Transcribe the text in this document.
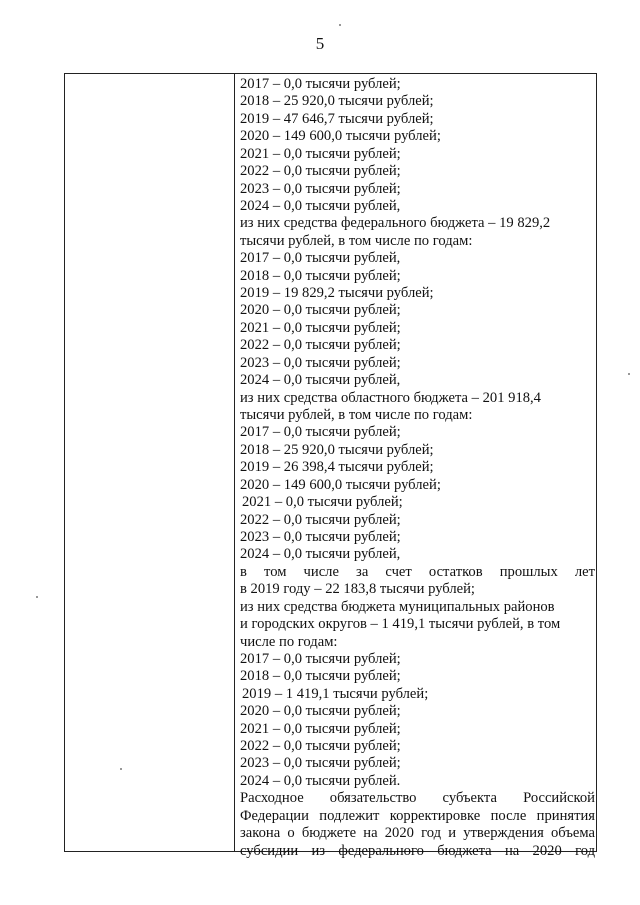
5
2017 – 0,0 тысячи рублей;
2018 – 25 920,0 тысячи рублей;
2019 – 47 646,7 тысячи рублей;
2020 – 149 600,0 тысячи рублей;
2021 – 0,0 тысячи рублей;
2022 – 0,0 тысячи рублей;
2023 – 0,0 тысячи рублей;
2024 – 0,0 тысячи рублей,
из них средства федерального бюджета – 19 829,2
тысячи рублей, в том числе по годам:
2017 – 0,0 тысячи рублей,
2018 – 0,0 тысячи рублей;
2019 – 19 829,2 тысячи рублей;
2020 – 0,0 тысячи рублей;
2021 – 0,0 тысячи рублей;
2022 – 0,0 тысячи рублей;
2023 – 0,0 тысячи рублей;
2024 – 0,0 тысячи рублей,
из них средства областного бюджета – 201 918,4
тысячи рублей, в том числе по годам:
2017 – 0,0 тысячи рублей;
2018 – 25 920,0 тысячи рублей;
2019 – 26 398,4 тысячи рублей;
2020 – 149 600,0 тысячи рублей;
2021 – 0,0 тысячи рублей;
2022 – 0,0 тысячи рублей;
2023 – 0,0 тысячи рублей;
2024 – 0,0 тысячи рублей,
в том числе за счет остатков прошлых лет
в 2019 году – 22 183,8 тысячи рублей;
из них средства бюджета муниципальных районов
и городских округов – 1 419,1 тысячи рублей, в том
числе по годам:
2017 – 0,0 тысячи рублей;
2018 – 0,0 тысячи рублей;
2019 – 1 419,1 тысячи рублей;
2020 – 0,0 тысячи рублей;
2021 – 0,0 тысячи рублей;
2022 – 0,0 тысячи рублей;
2023 – 0,0 тысячи рублей;
2024 – 0,0 тысячи рублей.
Расходное обязательство субъекта Российской
Федерации подлежит корректировке после принятия
закона о бюджете на 2020 год и утверждения объема
субсидии из федерального бюджета на 2020 год
